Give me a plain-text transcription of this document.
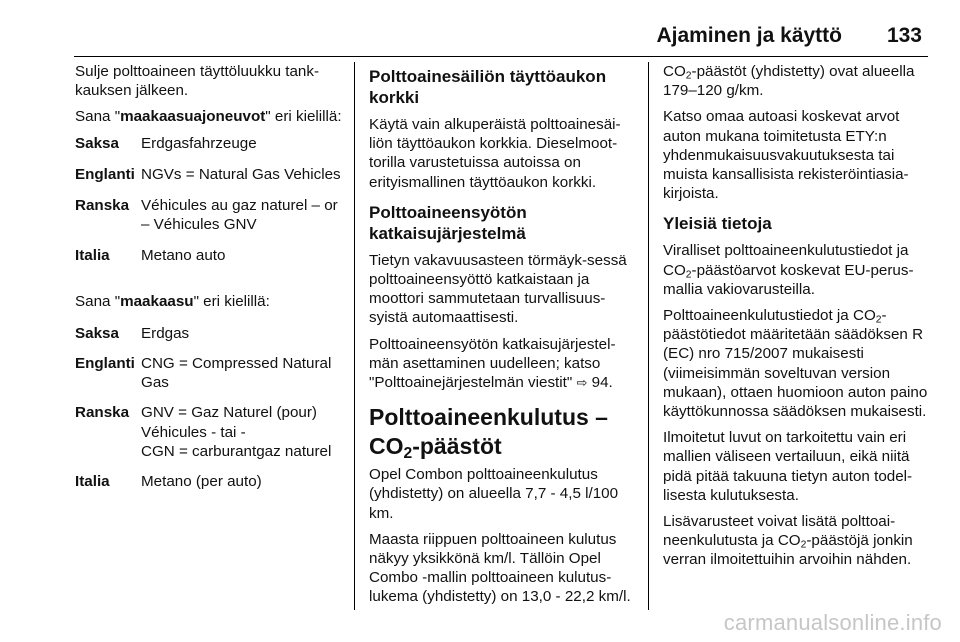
Ajaminen ja käyttö 133

Sulje polttoaineen täyttöluukku tank-kauksen jälkeen.

Sana "maakaasuajoneuvot" eri kielillä:

Saksa	Erdgasfahrzeuge
Englanti NGVs = Natural Gas Vehicles
Ranska Véhicules au gaz naturel – or – Véhicules GNV
Italia	Metano auto

Sana "maakaasu" eri kielillä:

Saksa	Erdgas
Englanti CNG = Compressed Natural Gas
Ranska GNV = Gaz Naturel (pour) Véhicules - tai -
CGN = carburantgaz naturel
Italia	Metano (per auto)
Polttoainesäiliön täyttöaukon korkki

Käytä vain alkuperäistä polttoainesäi-liön täyttöaukon korkkia. Dieselmoot-torilla varustetuissa autoissa on erityismallinen täyttöaukon korkki.

Polttoaineensyötön katkaisujärjestelmä

Tietyn vakavuusasteen törmäyk-sessä polttoaineensyöttö katkaistaan ja moottori sammutetaan turvallisuus-syistä automaattisesti.

Polttoaineensyötön katkaisujärjestel-män asettaminen uudelleen; katso "Polttoainejärjestelmän viestit" ⇨ 94.

Polttoaineenkulutus – $CO_2$-päästöt

Opel Combon polttoaineenkulutus (yhdistetty) on alueella 7,7 - 4,5 l/100 km.

Maasta riippuen polttoaineen kulutus näkyy yksikkönä km/l. Tällöin Opel Combo -mallin polttoaineen kulutus-lukema (yhdistetty) on 13,0 - 22,2 km/l.

$CO_2$-päästöt (yhdistetty) ovat alueella 179–120 g/km.

Katso omaa autoasi koskevat arvot auton mukana toimitetusta ETY:n yhdenmukaisuusvakuutuksesta tai muista kansallisista rekisteröintiasia-kirjoista.

Yleisiä tietoja

Viralliset polttoaineenkulutustiedot ja $CO_2$-päästöarvot koskevat EU-perus-mallia vakiovarusteilla.

Polttoaineenkulutustiedot ja $CO_2$-päästötiedot määritetään säädöksen R (EC) nro 715/2007 mukaisesti (viimeisimmän soveltuvan version mukaan), ottaen huomioon auton paino käyttökunnossa säädöksen mukaisesti.

Ilmoitetut luvut on tarkoitettu vain eri mallien väliseen vertailuun, eikä niitä pidä pitää takuuna tietyn auton todel-lisesta kulutuksesta.

Lisävarusteet voivat lisätä polttoai-neenkulutusta ja $CO_2$-päästöjä jonkin verran ilmoitettuihin arvoihin nähden.

carmanualsonline.info
